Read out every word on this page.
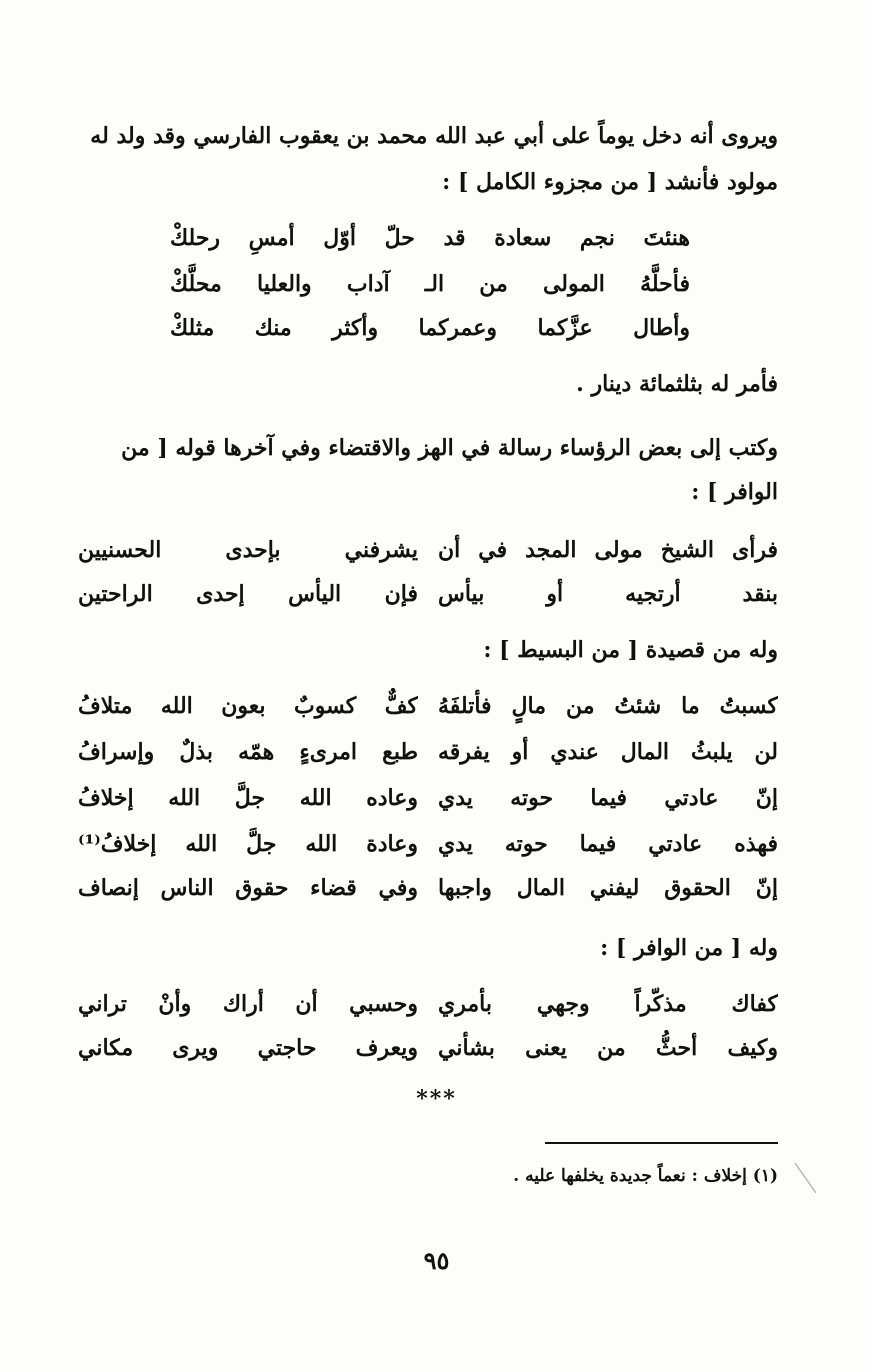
ويروى أنه دخل يوماً على أبي عبد الله محمد بن يعقوب الفارسي وقد ولد له
مولود فأنشد [ من مجزوء الكامل ] :
هنئتَ نجم سعادة قد حلّ أوّل أمسِ رحلكْ
فأحلَّهُ المولى من الـ آداب والعليا محلَّكْ
وأطال عزَّكما وعمركما وأكثر منك مثلكْ
فأمر له بثلثمائة دينار .
وكتب إلى بعض الرؤساء رسالة في الهز والاقتضاء وفي آخرها قوله [ من
الوافر ] :
فرأى الشيخ مولى المجد في أن
يشرفني بإحدى الحسنيين
بنقد أرتجيه أو بيأس
فإن اليأس إحدى الراحتين
وله من قصيدة [ من البسيط ] :
كسبتُ ما شئتُ من مالٍ فأتلفَهُ
كفٌّ كسوبٌ بعون الله متلافُ
لن يلبثُ المال عندي أو يفرقه
طبع امرىءٍ همّه بذلٌ وإسرافُ
إنّ عادتي فيما حوته يدي
وعاده الله جلَّ الله إخلافُ
فهذه عادتي فيما حوته يدي
وعادة الله جلَّ الله إخلافُ⁽¹⁾
إنّ الحقوق ليفني المال واجبها
وفي قضاء حقوق الناس إنصاف
وله [ من الوافر ] :
كفاك مذكّراً وجهي بأمري
وحسبي أن أراك وأنْ تراني
وكيف أحثُّ من يعنى بشأني
ويعرف حاجتي ويرى مكاني
***
(١) إخلاف : نعماً جديدة يخلفها عليه .
٩٥
